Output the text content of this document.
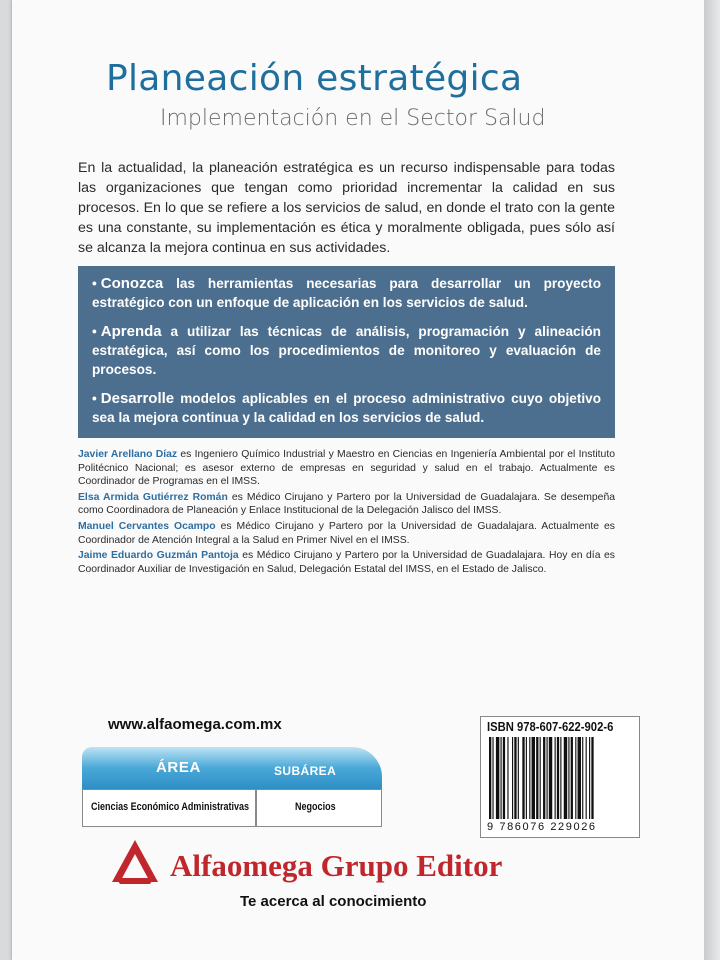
Planeación estratégica
Implementación en el Sector Salud
En la actualidad, la planeación estratégica es un recurso indispensable para todas las organizaciones que tengan como prioridad incrementar la calidad en sus procesos. En lo que se refiere a los servicios de salud, en donde el trato con la gente es una constante, su implementación es ética y moralmente obligada, pues sólo así se alcanza la mejora continua en sus actividades.
• Conozca las herramientas necesarias para desarrollar un proyecto estratégico con un enfoque de aplicación en los servicios de salud.
• Aprenda a utilizar las técnicas de análisis, programación y alineación estratégica, así como los procedimientos de monitoreo y evaluación de procesos.
• Desarrolle modelos aplicables en el proceso administrativo cuyo objetivo sea la mejora continua y la calidad en los servicios de salud.

Javier Arellano Díaz es Ingeniero Químico Industrial y Maestro en Ciencias en Ingeniería Ambiental por el Instituto Politécnico Nacional; es asesor externo de empresas en seguridad y salud en el trabajo. Actualmente es Coordinador de Programas en el IMSS.

Elsa Armida Gutiérrez Román es Médico Cirujano y Partero por la Universidad de Guadalajara. Se desempeña como Coordinadora de Planeación y Enlace Institucional de la Delegación Jalisco del IMSS.

Manuel Cervantes Ocampo es Médico Cirujano y Partero por la Universidad de Guadalajara. Actualmente es Coordinador de Atención Integral a la Salud en Primer Nivel en el IMSS.

Jaime Eduardo Guzmán Pantoja es Médico Cirujano y Partero por la Universidad de Guadalajara. Hoy en día es Coordinador Auxiliar de Investigación en Salud, Delegación Estatal del IMSS, en el Estado de Jalisco.

www.alfaomega.com.mx
ÁREA	SUBÁREA
Ciencias Económico Administrativas	Negocios
ISBN 978-607-622-902-6
9 786076 229026
Alfaomega Grupo Editor
Te acerca al conocimiento
